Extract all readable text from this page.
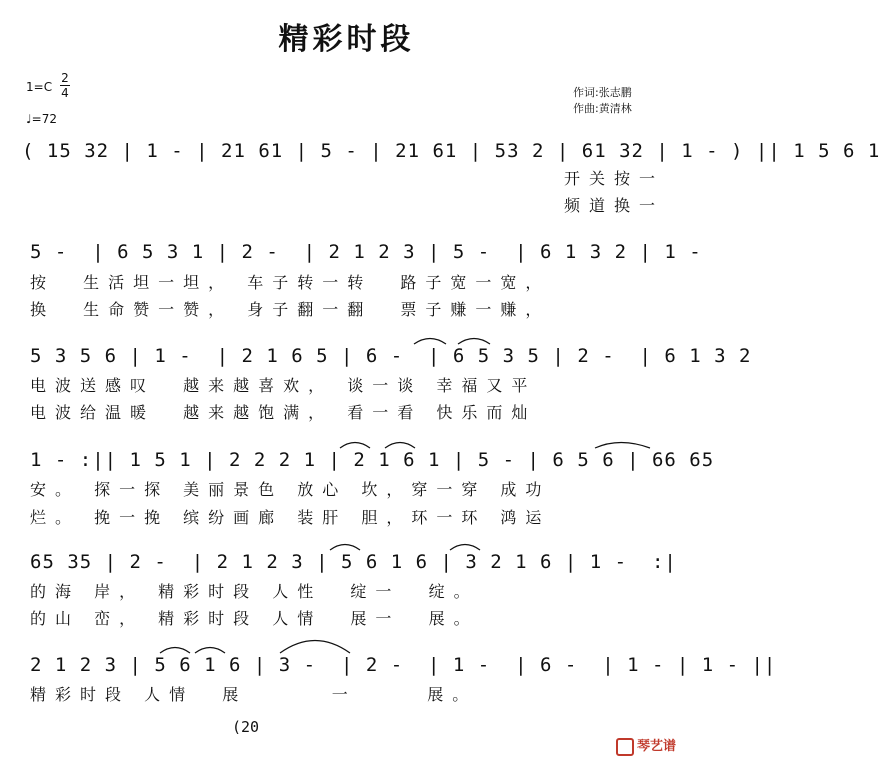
精彩时段
1=C
2
4
♩=72
作词:张志鹏
作曲:黄清林
( 15 32 | 1 - | 21 61 | 5 - | 21 61 | 53 2 | 61 32 | 1 - ) || 1 5 6 1
开关按一
频道换一
5 -  | 6 5 3 1 | 2 -  | 2 1 2 3 | 5 -  | 6 1 3 2 | 1 -
按  生活坦一坦， 车子转一转  路子宽一宽，
换  生命赞一赞， 身子翻一翻  票子赚一赚，
5 3 5 6 | 1 -  | 2 1 6 5 | 6 -  | 6 5 3 5 | 2 -  | 6 1 3 2
电波送感叹  越来越喜欢， 谈一谈 幸福又平
电波给温暖  越来越饱满， 看一看 快乐而灿
1 - :|| 1 5 1 | 2 2 2 1 | 2 1 6 1 | 5 - | 6 5 6 | 66 65
安。 探一探 美丽景色 放心 坎，穿一穿 成功
烂。 挽一挽 缤纷画廊 装肝 胆，环一环 鸿运
65 35 | 2 -  | 2 1 2 3 | 5 6 1 6 | 3 2 1 6 | 1 -  :|
的海 岸， 精彩时段 人性  绽一  绽。
的山 峦， 精彩时段 人情  展一  展。
2 1 2 3 | 5 6 1 6 | 3 -  | 2 -  | 1 -  | 6 -  | 1 - | 1 - ||
精彩时段 人情  展      一     展。
(20
琴艺谱
